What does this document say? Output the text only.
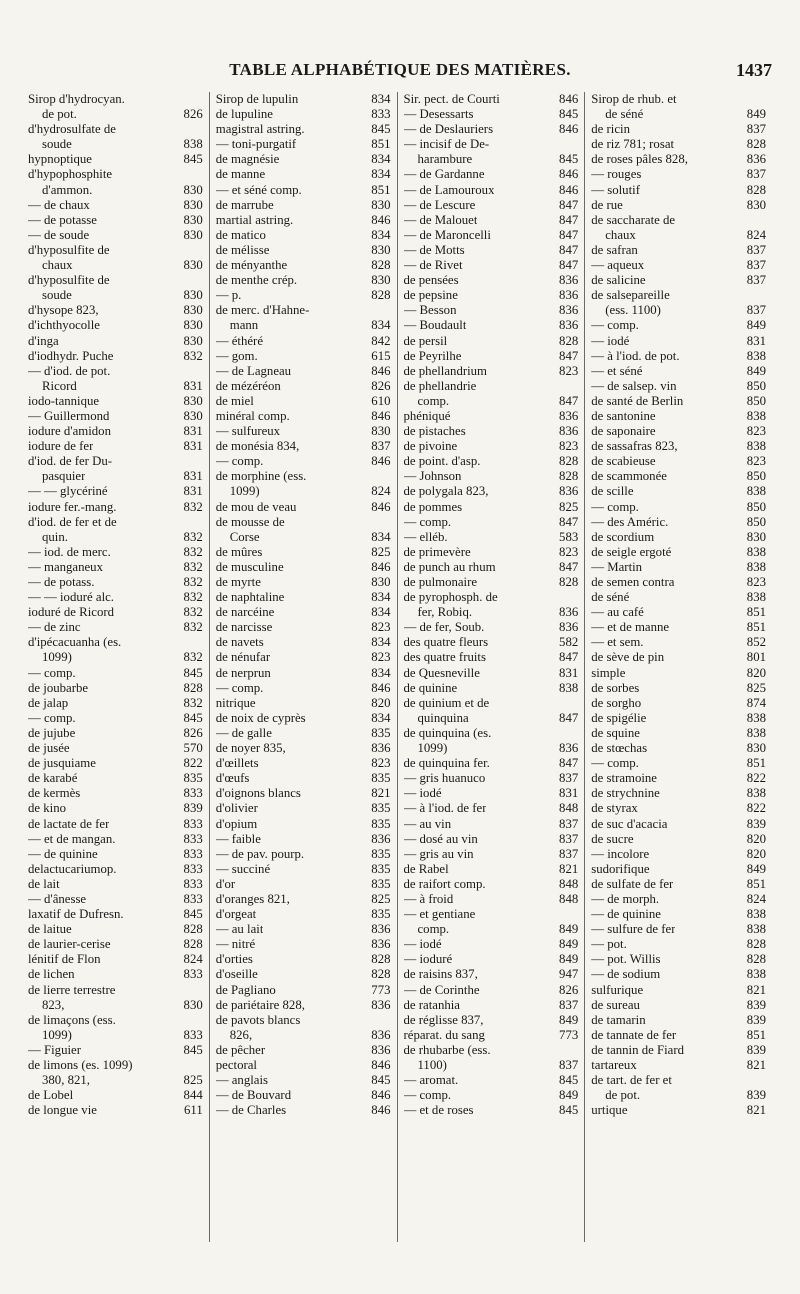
TABLE ALPHABÉTIQUE DES MATIÈRES.	1437
Sirop d'hydrocyan.
de pot.	826
d'hydrosulfate de
soude	838
hypnoptique	845
d'hypophosphite
d'ammon.	830
— de chaux	830
— de potasse	830
— de soude	830
d'hyposulfite de
chaux	830
d'hyposulfite de
soude	830
d'hysope 823,	830
d'ichthyocolle	830
d'inga	830
d'iodhydr. Puche	832
— d'iod. de pot.
Ricord	831
iodo-tannique	830
— Guillermond	830
iodure d'amidon	831
iodure de fer	831
d'iod. de fer Du-
pasquier	831
— — glycériné	831
iodure fer.-mang.	832
d'iod. de fer et de
quin.	832
— iod. de merc.	832
— manganeux	832
— de potass.	832
— — ioduré alc.	832
ioduré de Ricord	832
— de zinc	832
d'ipécacuanha (es.
1099)	832
— comp.	845
de joubarbe	828
de jalap	832
— comp.	845
de jujube	826
de jusée	570
de jusquiame	822
de karabé	835
de kermès	833
de kino	839
de lactate de fer	833
— et de mangan.	833
— de quinine	833
delactucariumop.	833
de lait	833
— d'ânesse	833
laxatif de Dufresn.	845
de laitue	828
de laurier-cerise	828
lénitif de Flon	824
de lichen	833
de lierre terrestre
823,	830
de limaçons (ess.
1099)	833
— Figuier	845
de limons (es. 1099)
380, 821,	825
de Lobel	844
de longue vie	611
Sirop de lupulin	834
de lupuline	833
magistral astring.	845
— toni-purgatif	851
de magnésie	834
de manne	834
— et séné comp.	851
de marrube	830
martial astring.	846
de matico	834
de mélisse	830
de ményanthe	828
de menthe crép.	830
— p.	828
de merc. d'Hahne-
mann	834
— éthéré	842
— gom.	615
— de Lagneau	846
de mézéréon	826
de miel	610
minéral comp.	846
— sulfureux	830
de monésia 834,	837
— comp.	846
de morphine (ess.
1099)	824
de mou de veau	846
de mousse de
Corse	834
de mûres	825
de musculine	846
de myrte	830
de naphtaline	834
de narcéine	834
de narcisse	823
de navets	834
de nénufar	823
de nerprun	834
— comp.	846
nitrique	820
de noix de cyprès	834
— de galle	835
de noyer 835,	836
d'œillets	823
d'œufs	835
d'oignons blancs	821
d'olivier	835
d'opium	835
— faible	836
— de pav. pourp.	835
— succiné	835
d'or	835
d'oranges 821,	825
d'orgeat	835
— au lait	836
— nitré	836
d'orties	828
d'oseille	828
de Pagliano	773
de pariétaire 828,	836
de pavots blancs
826,	836
de pêcher	836
pectoral	846
— anglais	845
— de Bouvard	846
— de Charles	846
Sir. pect. de Courti	846
— Desessarts	845
— de Deslauriers	846
— incisif de De-
haramburе	845
— de Gardanne	846
— de Lamouroux	846
— de Lescure	847
— de Malouet	847
— de Maroncelli	847
— de Motts	847
— de Rivet	847
de pensées	836
de pepsine	836
— Besson	836
— Boudault	836
de persil	828
de Peyrilhe	847
de phellandrium	823
de phellandrie
comp.	847
phéniqué	836
de pistaches	836
de pivoine	823
de point. d'asp.	828
— Johnson	828
de polygala 823,	836
de pommes	825
— comp.	847
— elléb.	583
de primevère	823
de punch au rhum	847
de pulmonaire	828
de pyrophosph. de
fer, Robiq.	836
— de fer, Soub.	836
des quatre fleurs	582
des quatre fruits	847
de Quesneville	831
de quinine	838
de quinium et de
quinquina	847
de quinquina (es.
1099)	836
de quinquina fer.	847
— gris huanuco	837
— iodé	831
— à l'iod. de fer	848
— au vin	837
— dosé au vin	837
— gris au vin	837
de Rabel	821
de raifort comp.	848
— à froid	848
— et gentiane
comp.	849
— iodé	849
— ioduré	849
de raisins 837,	947
— de Corinthe	826
de ratanhia	837
de réglisse 837,	849
réparat. du sang	773
de rhubarbe (ess.
1100)	837
— aromat.	845
— comp.	849
— et de roses	845
Sirop de rhub. et
de séné	849
de ricin	837
de riz 781; rosat	828
de roses pâles 828,	836
— rouges	837
— solutif	828
de rue	830
de saccharate de
chaux	824
de safran	837
— aqueux	837
de salicine	837
de salsepareille
(ess. 1100)	837
— comp.	849
— iodé	831
— à l'iod. de pot.	838
— et séné	849
— de salsep. vin	850
de santé de Berlin	850
de santonine	838
de saponaire	823
de sassafras 823,	838
de scabieuse	823
de scammonée	850
de scille	838
— comp.	850
— des Améric.	850
de scordium	830
de seigle ergoté	838
— Martin	838
de semen contra	823
de séné	838
— au café	851
— et de manne	851
— et sem.	852
de sève de pin	801
simple	820
de sorbes	825
de sorgho	874
de spigélie	838
de squine	838
de stœchas	830
— comp.	851
de stramoine	822
de strychnine	838
de styrax	822
de suc d'acacia	839
de sucre	820
— incolore	820
sudorifique	849
de sulfate de fer	851
— de morph.	824
— de quinine	838
— sulfure de fer	838
— pot.	828
— pot. Willis	828
— de sodium	838
sulfurique	821
de sureau	839
de tamarin	839
de tannate de fer	851
de tannin de Fiard	839
tartareux	821
de tart. de fer et
de pot.	839
urtique	821
